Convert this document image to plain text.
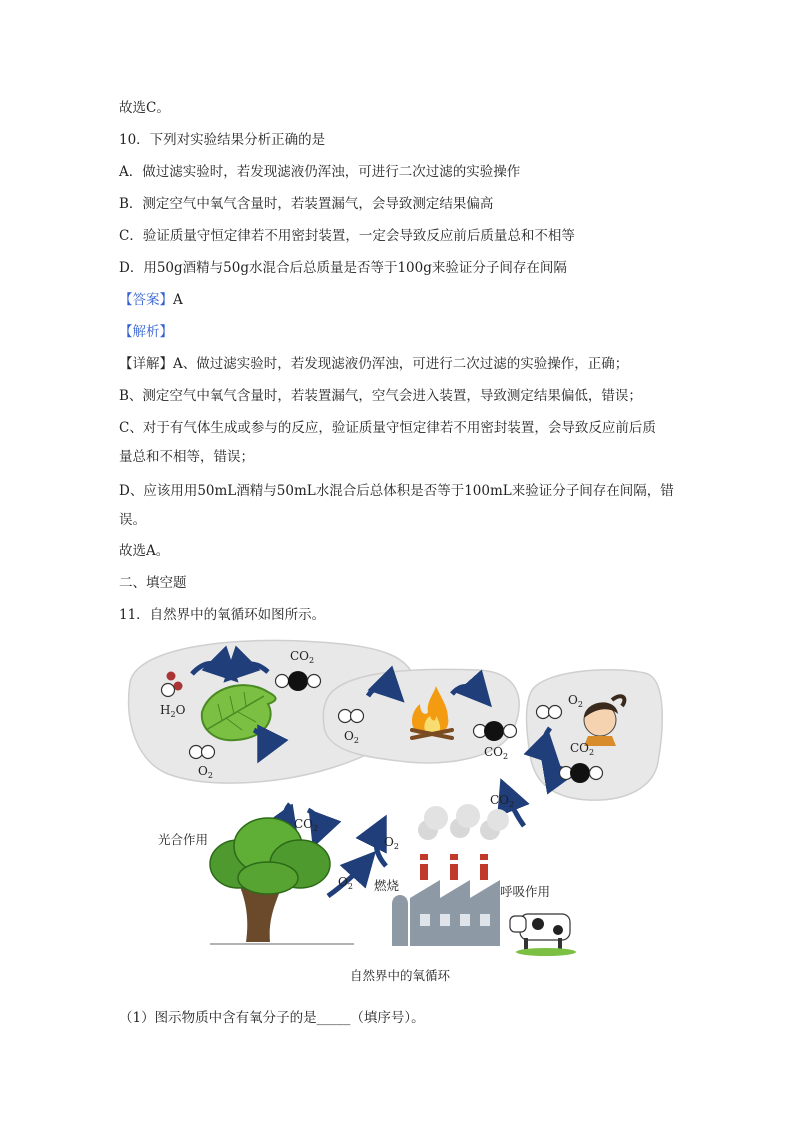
故选C。
10．下列对实验结果分析正确的是
A．做过滤实验时，若发现滤液仍浑浊，可进行二次过滤的实验操作
B．测定空气中氧气含量时，若装置漏气，会导致测定结果偏高
C．验证质量守恒定律若不用密封装置，一定会导致反应前后质量总和不相等
D．用50g酒精与50g水混合后总质量是否等于100g来验证分子间存在间隔
【答案】A
【解析】
【详解】A、做过滤实验时，若发现滤液仍浑浊，可进行二次过滤的实验操作，正确；
B、测定空气中氧气含量时，若装置漏气，空气会进入装置，导致测定结果偏低，错误；
C、对于有气体生成或参与的反应，验证质量守恒定律若不用密封装置，会导致反应前后质
量总和不相等，错误；
D、应该用用50mL酒精与50mL水混合后总体积是否等于100mL来验证分子间存在间隔，错
误。
故选A。
二、填空题
11．自然界中的氧循环如图所示。
$H_2O$
$CO_2$
$O_2$
$O_2$
$CO_2$
$O_2$
$CO_2$
$CO_2$
$CO_2$
光合作用
$O_2$
$O_2$
燃烧	呼吸作用
自然界中的氧循环
（1）图示物质中含有氧分子的是_____（填序号）。
